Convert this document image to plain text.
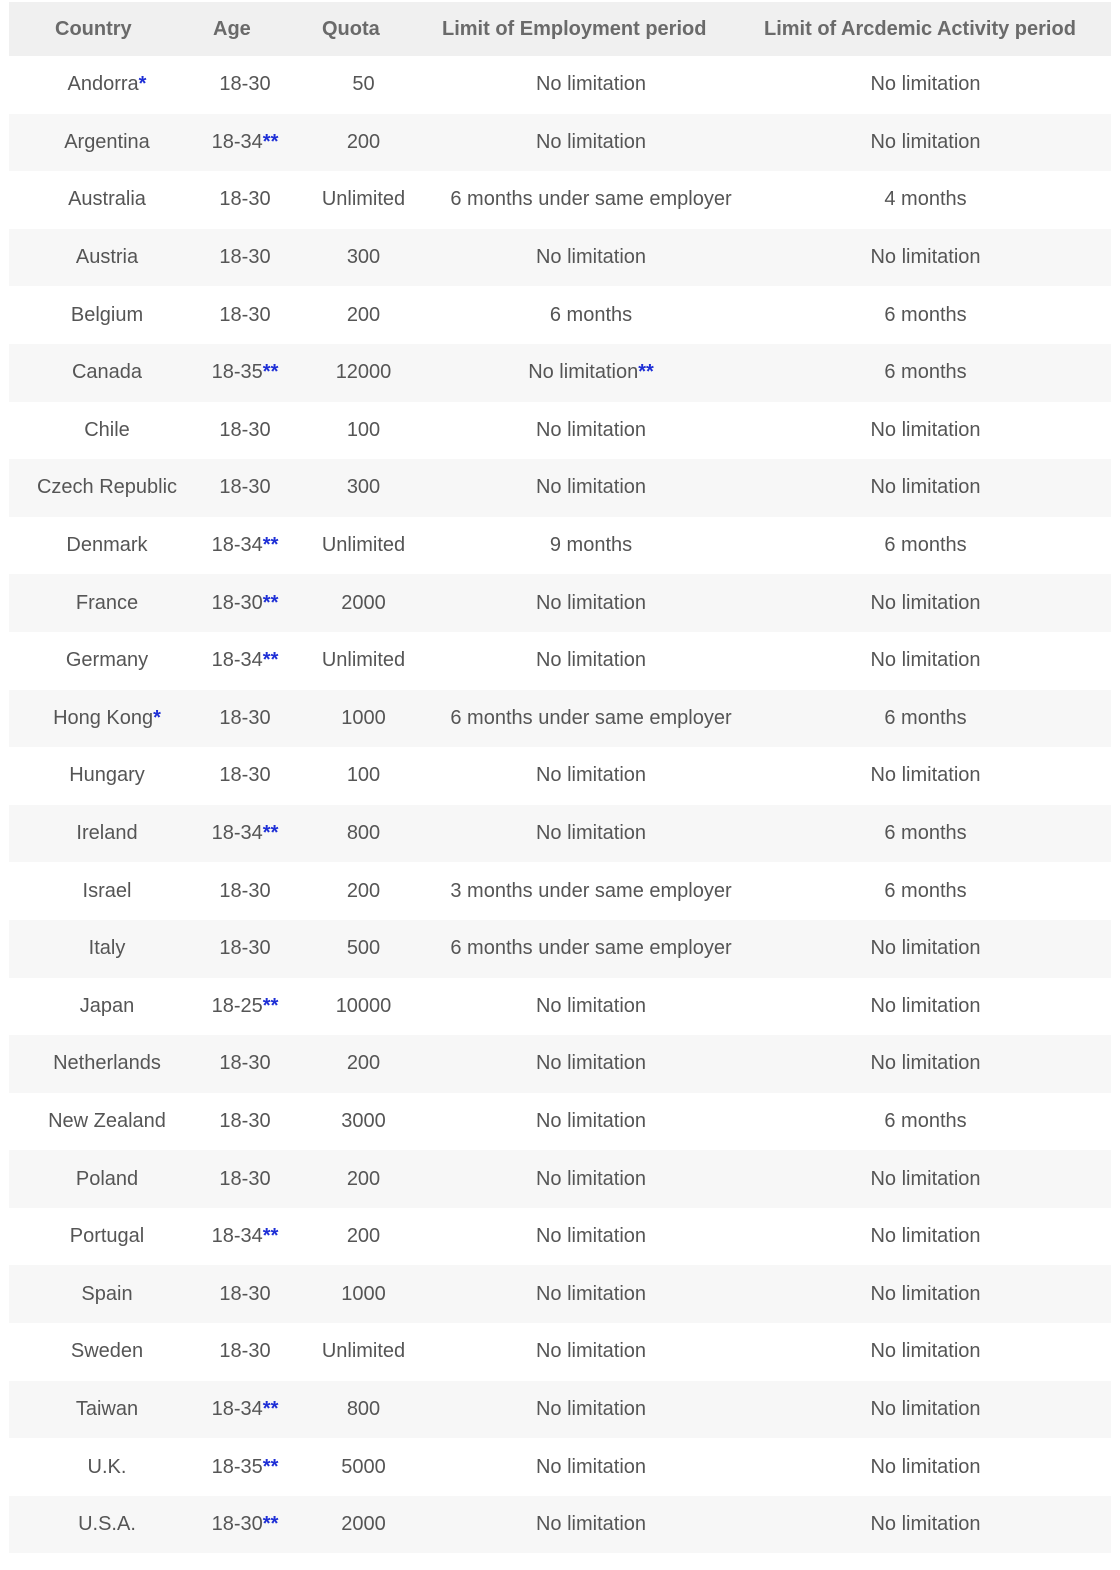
Country	Age	Quota	Limit of Employment period	Limit of Arcdemic Activity period
Andorra*	18-30	50	No limitation	No limitation
Argentina	18-34**	200	No limitation	No limitation
Australia	18-30	Unlimited	6 months under same employer	4 months
Austria	18-30	300	No limitation	No limitation
Belgium	18-30	200	6 months	6 months
Canada	18-35**	12000	No limitation**	6 months
Chile	18-30	100	No limitation	No limitation
Czech Republic	18-30	300	No limitation	No limitation
Denmark	18-34**	Unlimited	9 months	6 months
France	18-30**	2000	No limitation	No limitation
Germany	18-34**	Unlimited	No limitation	No limitation
Hong Kong*	18-30	1000	6 months under same employer	6 months
Hungary	18-30	100	No limitation	No limitation
Ireland	18-34**	800	No limitation	6 months
Israel	18-30	200	3 months under same employer	6 months
Italy	18-30	500	6 months under same employer	No limitation
Japan	18-25**	10000	No limitation	No limitation
Netherlands	18-30	200	No limitation	No limitation
New Zealand	18-30	3000	No limitation	6 months
Poland	18-30	200	No limitation	No limitation
Portugal	18-34**	200	No limitation	No limitation
Spain	18-30	1000	No limitation	No limitation
Sweden	18-30	Unlimited	No limitation	No limitation
Taiwan	18-34**	800	No limitation	No limitation
U.K.	18-35**	5000	No limitation	No limitation
U.S.A.	18-30**	2000	No limitation	No limitation
